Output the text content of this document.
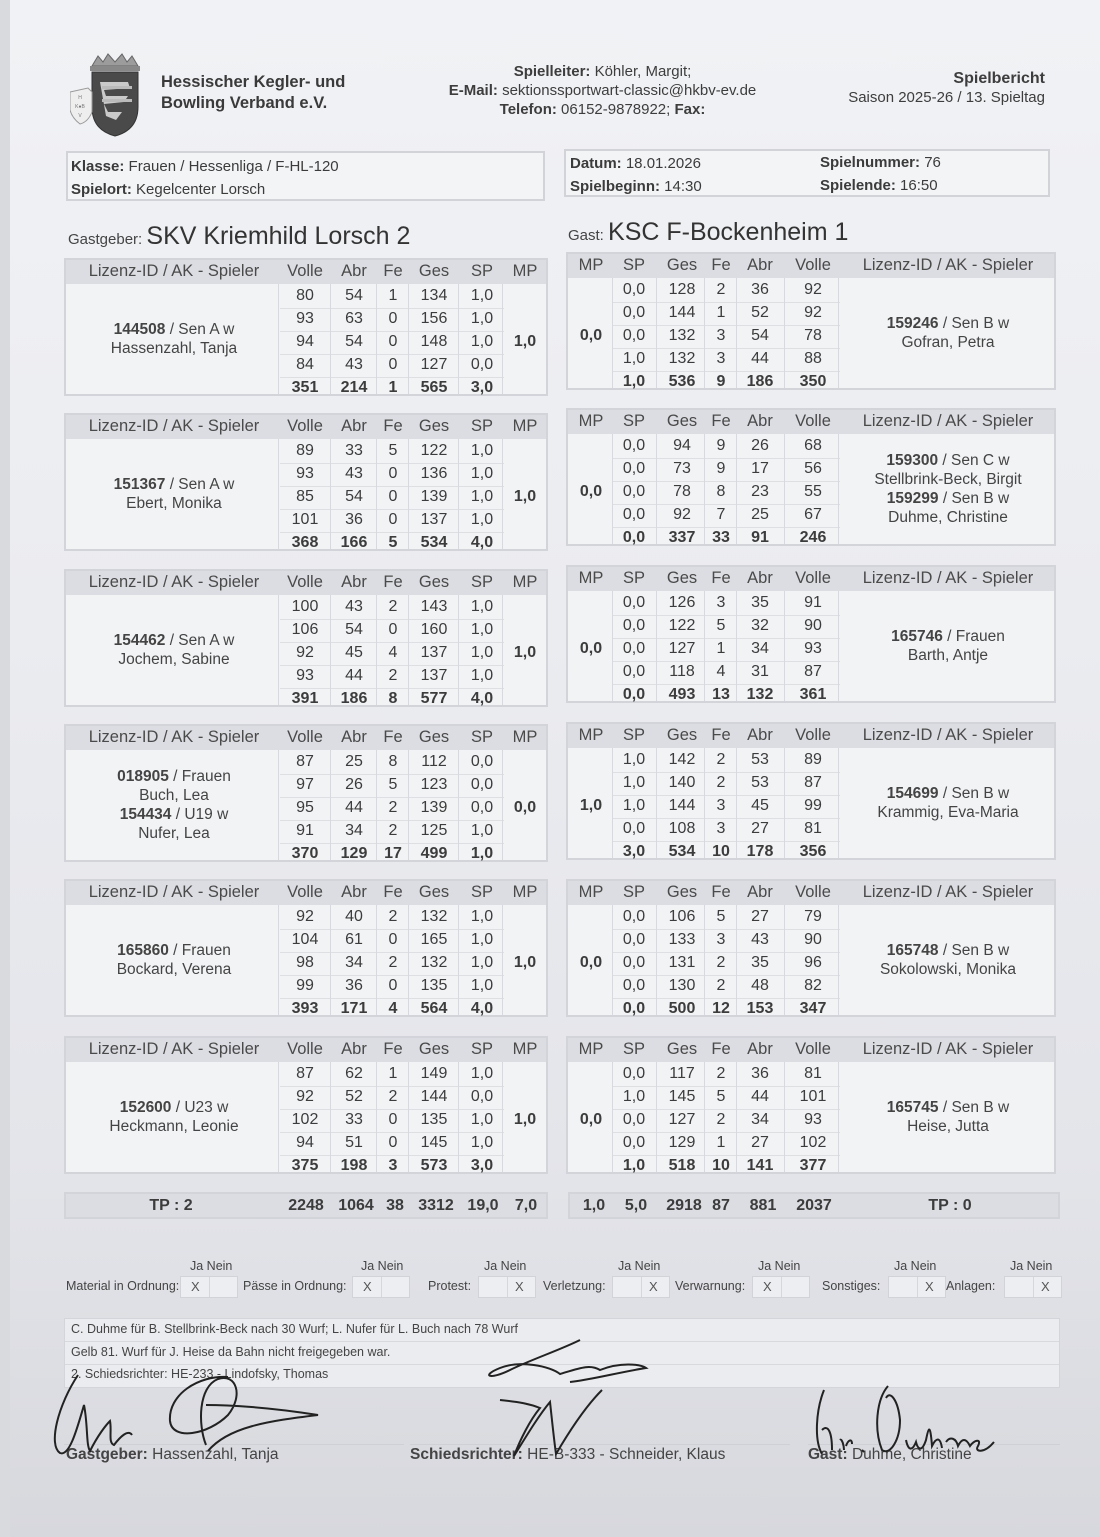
H
K●B
V
Hessischer Kegler- und
Bowling Verband e.V.
Spielleiter: Köhler, Margit;
E-Mail: sektionssportwart-classic@hkbv-ev.de
Telefon: 06152-9878922; Fax:
Spielbericht
Saison 2025-26 / 13. Spieltag
Klasse: Frauen / Hessenliga / F-HL-120
Spielort: Kegelcenter Lorsch
Datum: 18.01.2026
Spielbeginn: 14:30
Spielnummer: 76
Spielende: 16:50
Gastgeber: SKV Kriemhild Lorsch 2	Gast: KSC F-Bockenheim 1
Lizenz-ID / AK - Spieler	Volle	Abr	Fe Ges	SP	MP
144508 / Sen A w
Hassenzahl, Tanja
80	54	1	134	1,0
93	63	0	156	1,0
94	54	0	148	1,0
84	43	0	127	0,0
351	214	1	565	3,0
1,0
Lizenz-ID / AK - Spieler	Volle	Abr	Fe Ges	SP	MP
151367 / Sen A w
Ebert, Monika
89	33	5	122	1,0
93	43	0	136	1,0
85	54	0	139	1,0
101	36	0	137	1,0
368	166	5	534	4,0
1,0
Lizenz-ID / AK - Spieler	Volle	Abr	Fe Ges	SP	MP
154462 / Sen A w
Jochem, Sabine
100	43	2	143	1,0
106	54	0	160	1,0
92	45	4	137	1,0
93	44	2	137	1,0
391	186	8	577	4,0
1,0
Lizenz-ID / AK - Spieler	Volle	Abr	Fe Ges	SP	MP
018905 / Frauen
Buch, Lea
154434 / U19 w
Nufer, Lea
87	25	8	112	0,0
97	26	5	123	0,0
95	44	2	139	0,0
91	34	2	125	1,0
370	129	17	499	1,0
0,0
Lizenz-ID / AK - Spieler	Volle	Abr	Fe Ges	SP	MP
165860 / Frauen
Bockard, Verena
92	40	2	132	1,0
104	61	0	165	1,0
98	34	2	132	1,0
99	36	0	135	1,0
393	171	4	564	4,0
1,0
Lizenz-ID / AK - Spieler	Volle	Abr	Fe Ges	SP	MP
152600 / U23 w
Heckmann, Leonie
87	62	1	149	1,0
92	52	2	144	0,0
102	33	0	135	1,0
94	51	0	145	1,0
375	198	3	573	3,0
1,0
MP	SP	Ges Fe	Abr	Volle	Lizenz-ID / AK - Spieler
159246 / Sen B w
Gofran, Petra
0,0	128	2	36	92
0,0	144	1	52	92
0,0	132	3	54	78
1,0	132	3	44	88
1,0	536	9	186	350
0,0
MP	SP	Ges Fe	Abr	Volle	Lizenz-ID / AK - Spieler
159300 / Sen C w
Stellbrink-Beck, Birgit
159299 / Sen B w
Duhme, Christine
0,0	94	9	26	68
0,0	73	9	17	56
0,0	78	8	23	55
0,0	92	7	25	67
0,0	337	33	91	246
0,0
MP	SP	Ges Fe	Abr	Volle	Lizenz-ID / AK - Spieler
165746 / Frauen
Barth, Antje
0,0	126	3	35	91
0,0	122	5	32	90
0,0	127	1	34	93
0,0	118	4	31	87
0,0	493	13	132	361
0,0
MP	SP	Ges Fe	Abr	Volle	Lizenz-ID / AK - Spieler
154699 / Sen B w
Krammig, Eva-Maria
1,0	142	2	53	89
1,0	140	2	53	87
1,0	144	3	45	99
0,0	108	3	27	81
3,0	534	10	178	356
1,0
MP	SP	Ges Fe	Abr	Volle	Lizenz-ID / AK - Spieler
165748 / Sen B w
Sokolowski, Monika
0,0	106	5	27	79
0,0	133	3	43	90
0,0	131	2	35	96
0,0	130	2	48	82
0,0	500	12	153	347
0,0
MP	SP	Ges Fe	Abr	Volle	Lizenz-ID / AK - Spieler
165745 / Sen B w
Heise, Jutta
0,0	117	2	36	81
1,0	145	5	44	101
0,0	127	2	34	93
0,0	129	1	27	102
1,0	518	10	141	377
0,0
TP : 2	2248 1064 38 3312 19,0	7,0	1,0	5,0	2918 87	881	2037	TP : 0
Ja Nein
Material in Ordnung: X
Ja Nein
Pässe in Ordnung: X
Ja Nein
Protest:	X
Ja Nein
Verletzung:	X
Ja Nein
Verwarnung: X
Ja Nein
Sonstiges:	X
Ja Nein
Anlagen:	X
C. Duhme für B. Stellbrink-Beck nach 30 Wurf; L. Nufer für L. Buch nach 78 Wurf
Gelb 81. Wurf für J. Heise da Bahn nicht freigegeben war.
2. Schiedsrichter: HE-233 - Lindofsky, Thomas
Gastgeber: Hassenzahl, Tanja	Schiedsrichter: HE-B-333 - Schneider, Klaus	Gast: Duhme, Christine
